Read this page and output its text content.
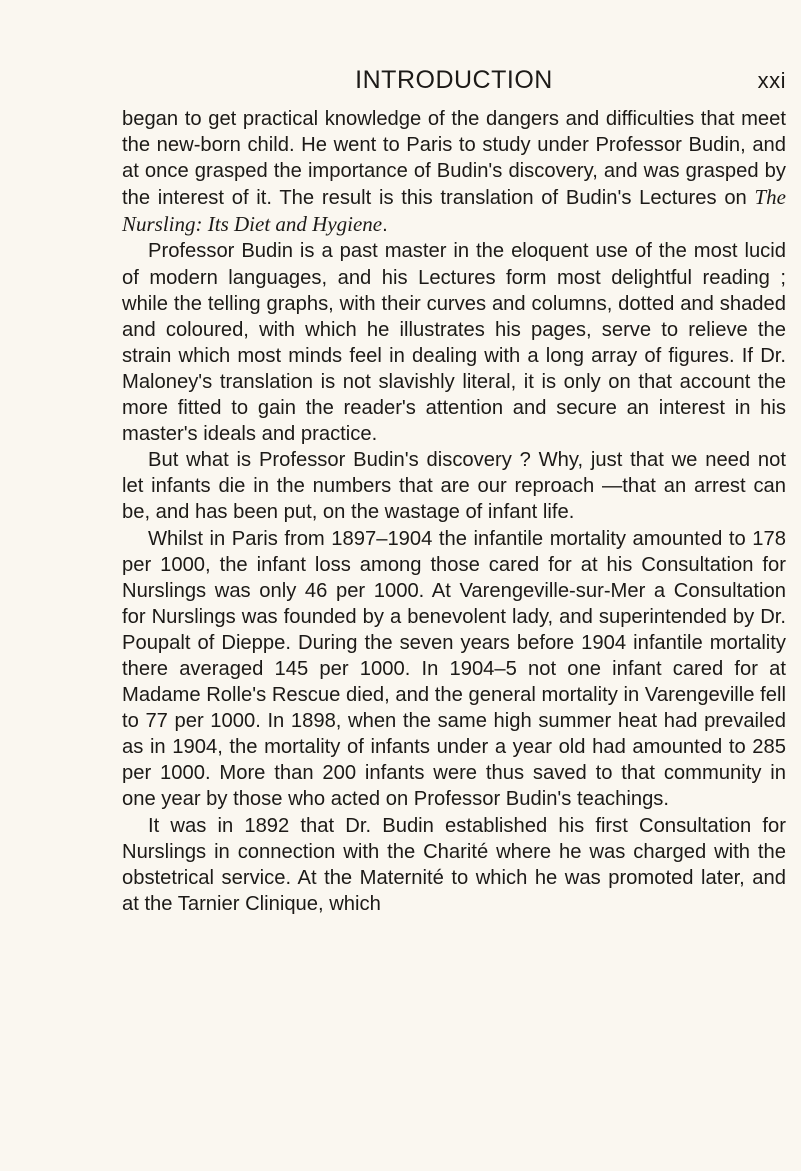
INTRODUCTION	xxi

began to get practical knowledge of the dangers and difficulties that meet the new-born child. He went to Paris to study under Professor Budin, and at once grasped the importance of Budin's discovery, and was grasped by the interest of it. The result is this translation of Budin's Lectures on The Nursling: Its Diet and Hygiene.

Professor Budin is a past master in the eloquent use of the most lucid of modern languages, and his Lectures form most delightful reading ; while the telling graphs, with their curves and columns, dotted and shaded and coloured, with which he illustrates his pages, serve to relieve the strain which most minds feel in dealing with a long array of figures. If Dr. Maloney's translation is not slavishly literal, it is only on that account the more fitted to gain the reader's attention and secure an interest in his master's ideals and practice.

But what is Professor Budin's discovery ? Why, just that we need not let infants die in the numbers that are our reproach —that an arrest can be, and has been put, on the wastage of infant life.

Whilst in Paris from 1897–1904 the infantile mortality amounted to 178 per 1000, the infant loss among those cared for at his Consultation for Nurslings was only 46 per 1000. At Varengeville-sur-Mer a Consultation for Nurslings was founded by a benevolent lady, and superintended by Dr. Poupalt of Dieppe. During the seven years before 1904 infantile mortality there averaged 145 per 1000. In 1904–5 not one infant cared for at Madame Rolle's Rescue died, and the general mortality in Varengeville fell to 77 per 1000. In 1898, when the same high summer heat had prevailed as in 1904, the mortality of infants under a year old had amounted to 285 per 1000. More than 200 infants were thus saved to that community in one year by those who acted on Professor Budin's teachings.

It was in 1892 that Dr. Budin established his first Consultation for Nurslings in connection with the Charité where he was charged with the obstetrical service. At the Maternité to which he was promoted later, and at the Tarnier Clinique, which
